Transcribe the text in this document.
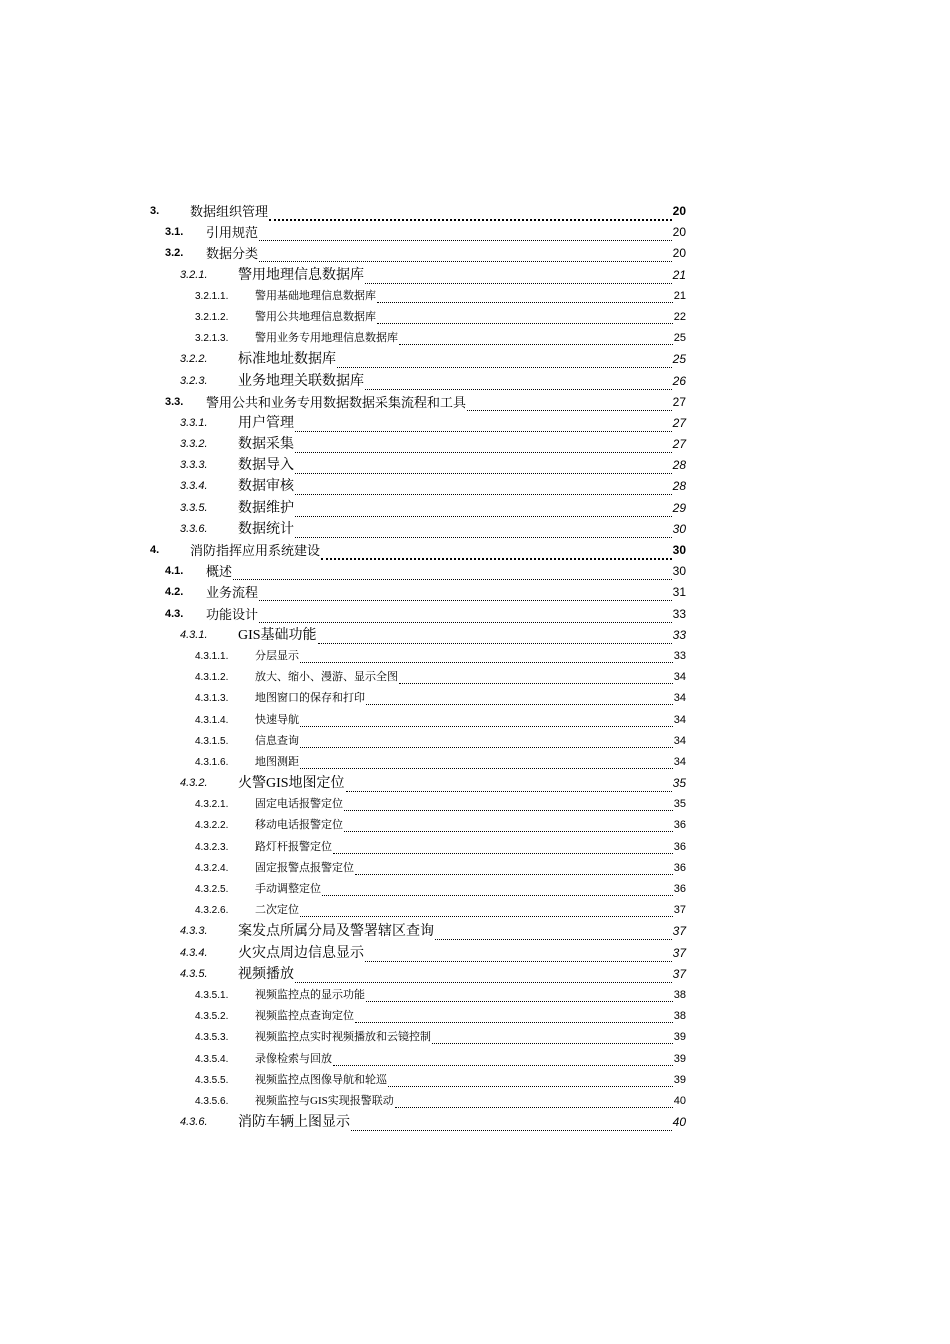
3. 数据组织管理	20
3.1. 引用规范	20
3.2. 数据分类	20
3.2.1. 警用地理信息数据库	21
3.2.1.1. 警用基础地理信息数据库	21
3.2.1.2. 警用公共地理信息数据库	22
3.2.1.3. 警用业务专用地理信息数据库	25
3.2.2. 标准地址数据库	25
3.2.3. 业务地理关联数据库	26
3.3. 警用公共和业务专用数据数据采集流程和工具	27
3.3.1. 用户管理	27
3.3.2. 数据采集	27
3.3.3. 数据导入	28
3.3.4. 数据审核	28
3.3.5. 数据维护	29
3.3.6. 数据统计	30
4. 消防指挥应用系统建设	30
4.1. 概述	30
4.2. 业务流程	31
4.3. 功能设计	33
4.3.1. GIS基础功能	33
4.3.1.1. 分层显示	33
4.3.1.2. 放大、缩小、漫游、显示全图	34
4.3.1.3. 地图窗口的保存和打印	34
4.3.1.4. 快速导航	34
4.3.1.5. 信息查询	34
4.3.1.6. 地图测距	34
4.3.2. 火警GIS地图定位	35
4.3.2.1. 固定电话报警定位	35
4.3.2.2. 移动电话报警定位	36
4.3.2.3. 路灯杆报警定位	36
4.3.2.4. 固定报警点报警定位	36
4.3.2.5. 手动调整定位	36
4.3.2.6. 二次定位	37
4.3.3. 案发点所属分局及警署辖区查询	37
4.3.4. 火灾点周边信息显示	37
4.3.5. 视频播放	37
4.3.5.1. 视频监控点的显示功能	38
4.3.5.2. 视频监控点查询定位	38
4.3.5.3. 视频监控点实时视频播放和云镜控制	39
4.3.5.4. 录像检索与回放	39
4.3.5.5. 视频监控点图像导航和轮巡	39
4.3.5.6. 视频监控与GIS实现报警联动	40
4.3.6. 消防车辆上图显示	40
